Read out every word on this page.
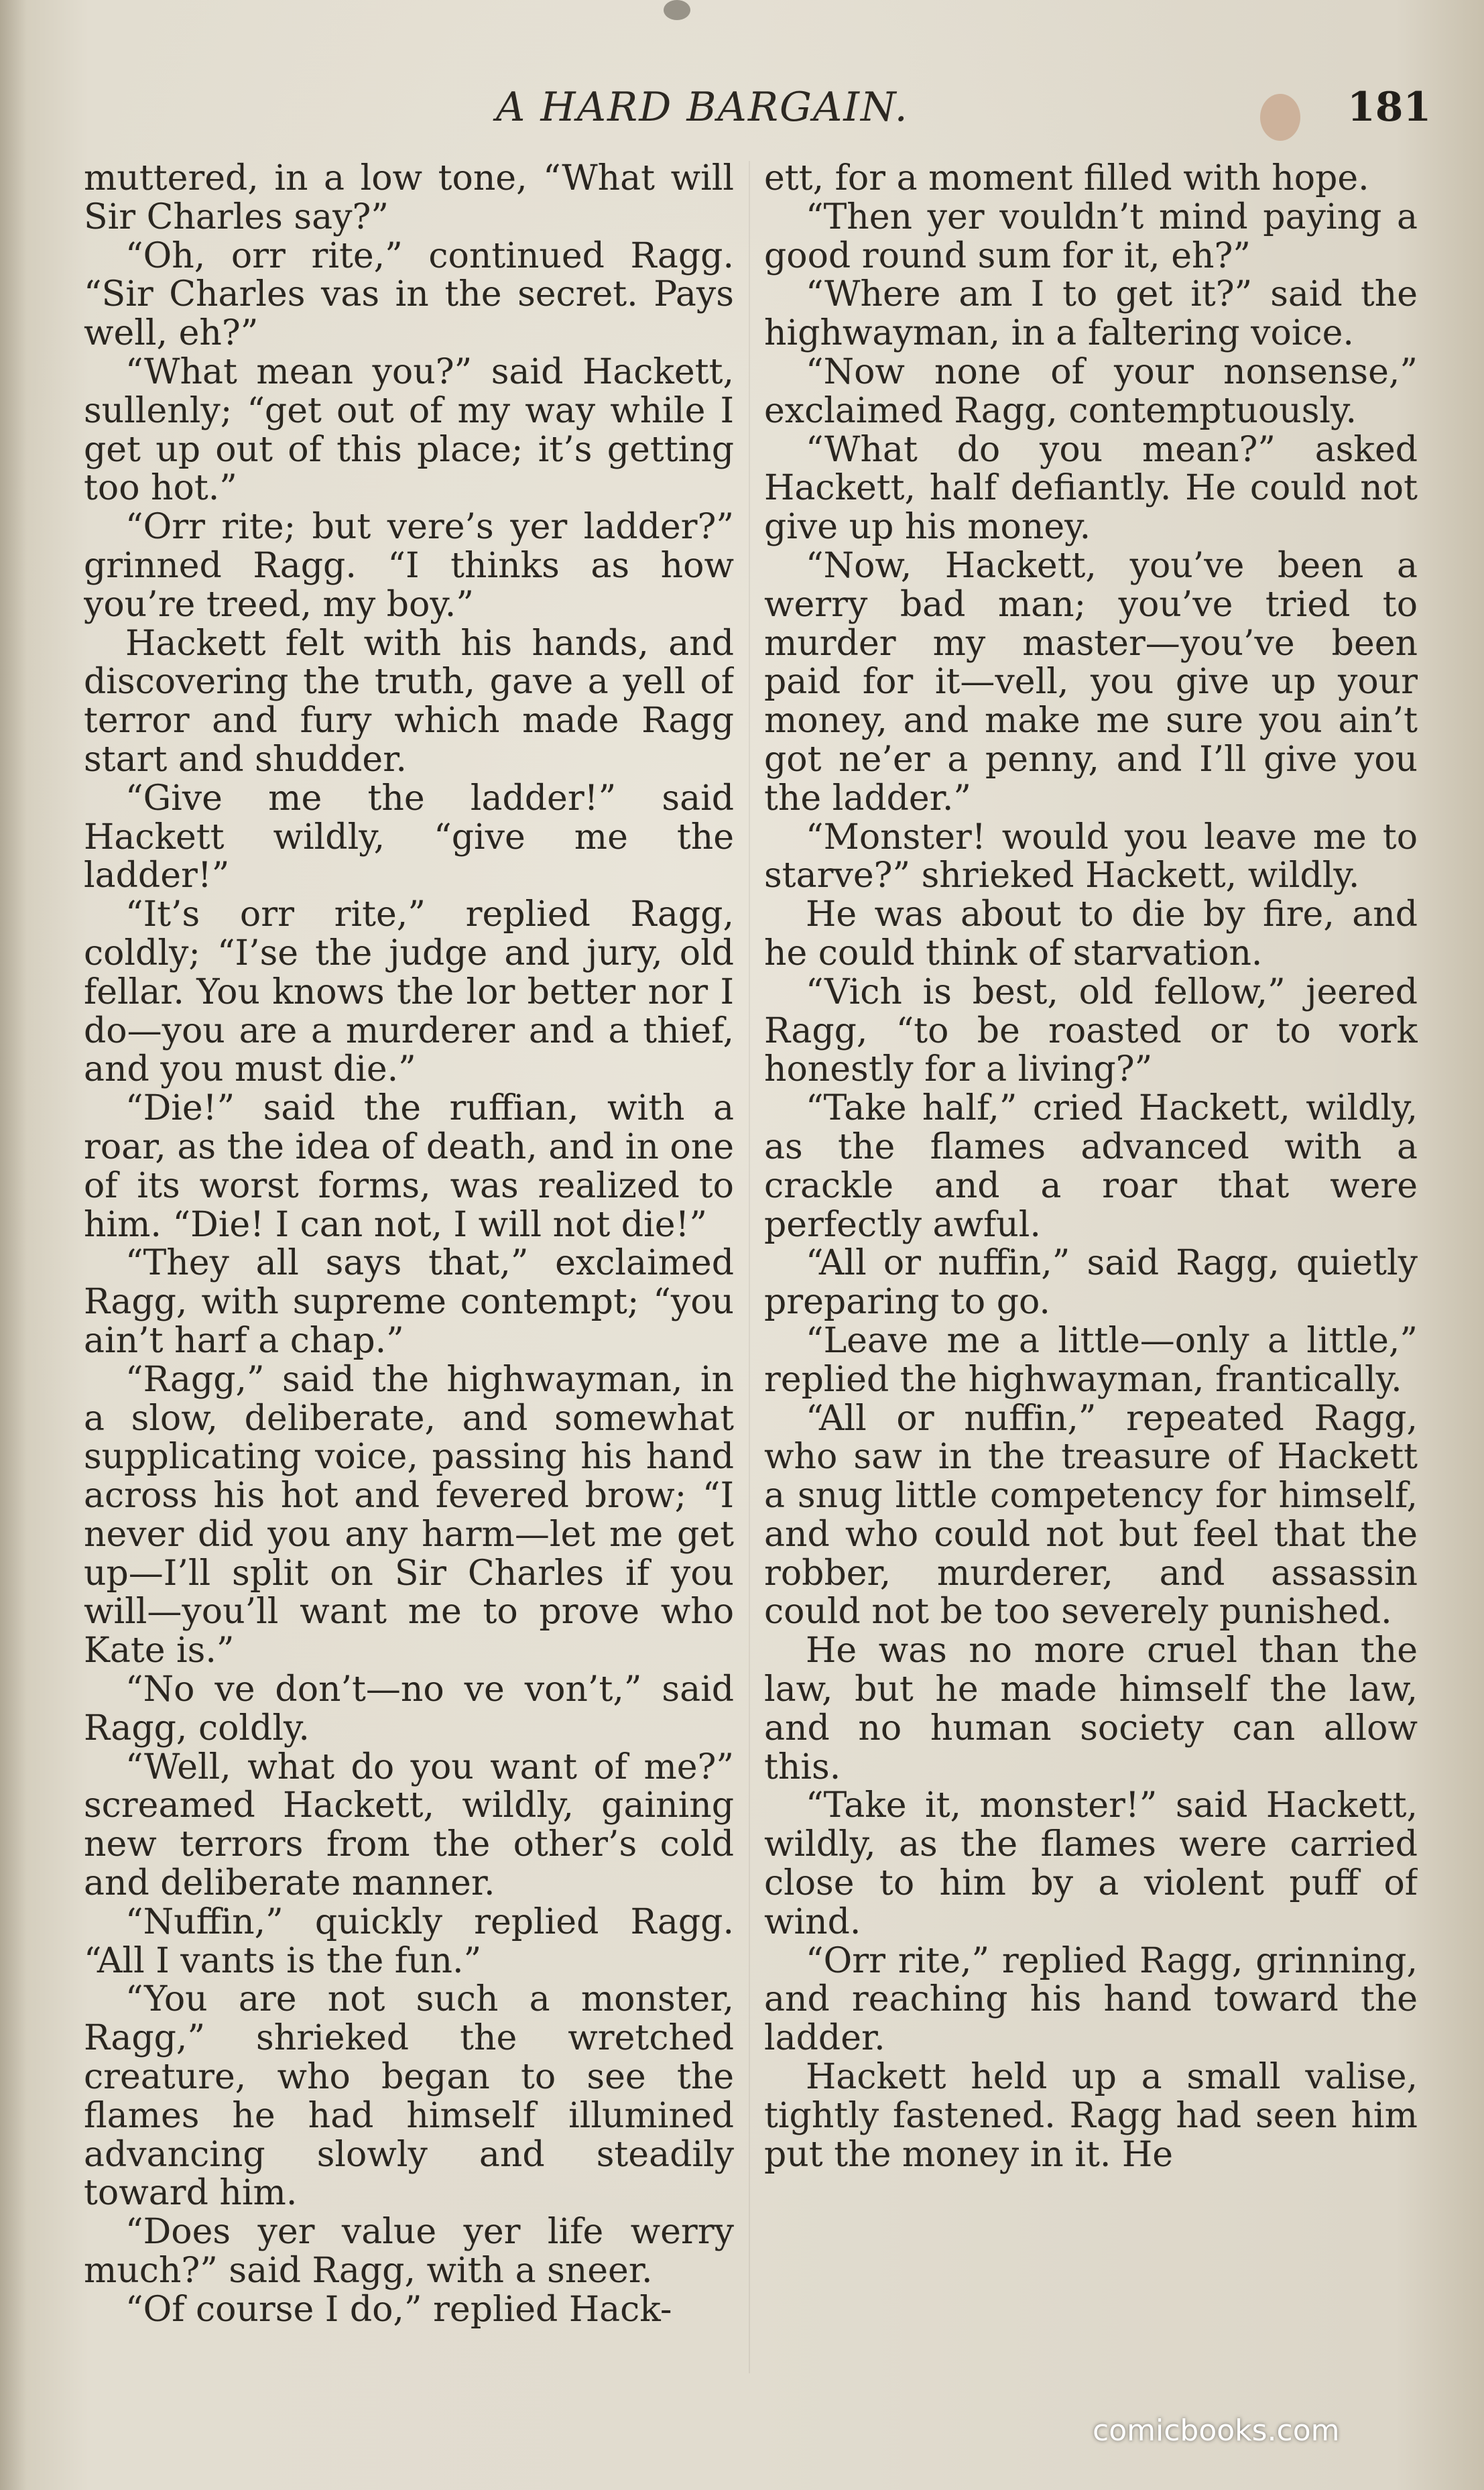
A HARD BARGAIN.	181

muttered, in a low tone, “What will Sir Charles say?”

“Oh, orr rite,” continued Ragg. “Sir Charles vas in the secret. Pays well, eh?”

“What mean you?” said Hackett, sullenly; “get out of my way while I get up out of this place; it’s getting too hot.”

“Orr rite; but vere’s yer ladder?” grinned Ragg. “I thinks as how you’re treed, my boy.”

Hackett felt with his hands, and discovering the truth, gave a yell of terror and fury which made Ragg start and shudder.

“Give me the ladder!” said Hackett wildly, “give me the ladder!”

“It’s orr rite,” replied Ragg, coldly; “I’se the judge and jury, old fellar. You knows the lor better nor I do—you are a murderer and a thief, and you must die.”

“Die!” said the ruffian, with a roar, as the idea of death, and in one of its worst forms, was realized to him. “Die! I can not, I will not die!”

“They all says that,” exclaimed Ragg, with supreme contempt; “you ain’t harf a chap.”

“Ragg,” said the highwayman, in a slow, deliberate, and somewhat supplicating voice, passing his hand across his hot and fevered brow; “I never did you any harm—let me get up—I’ll split on Sir Charles if you will—you’ll want me to prove who Kate is.”

“No ve don’t—no ve von’t,” said Ragg, coldly.

“Well, what do you want of me?” screamed Hackett, wildly, gaining new terrors from the other’s cold and deliberate manner.

“Nuffin,” quickly replied Ragg. “All I vants is the fun.”

“You are not such a monster, Ragg,” shrieked the wretched creature, who began to see the flames he had himself illumined advancing slowly and steadily toward him.

“Does yer value yer life werry much?” said Ragg, with a sneer.

“Of course I do,” replied Hack-

ett, for a moment filled with hope.

“Then yer vouldn’t mind paying a good round sum for it, eh?”

“Where am I to get it?” said the highwayman, in a faltering voice.

“Now none of your nonsense,” exclaimed Ragg, contemptuously.

“What do you mean?” asked Hackett, half defiantly. He could not give up his money.

“Now, Hackett, you’ve been a werry bad man; you’ve tried to murder my master—you’ve been paid for it—vell, you give up your money, and make me sure you ain’t got ne’er a penny, and I’ll give you the ladder.”

“Monster! would you leave me to starve?” shrieked Hackett, wildly.

He was about to die by fire, and he could think of starvation.

“Vich is best, old fellow,” jeered Ragg, “to be roasted or to vork honestly for a living?”

“Take half,” cried Hackett, wildly, as the flames advanced with a crackle and a roar that were perfectly awful.

“All or nuffin,” said Ragg, quietly preparing to go.

“Leave me a little—only a little,” replied the highwayman, frantically.

“All or nuffin,” repeated Ragg, who saw in the treasure of Hackett a snug little competency for himself, and who could not but feel that the robber, murderer, and assassin could not be too severely punished.

He was no more cruel than the law, but he made himself the law, and no human society can allow this.

“Take it, monster!” said Hackett, wildly, as the flames were carried close to him by a violent puff of wind.

“Orr rite,” replied Ragg, grinning, and reaching his hand toward the ladder.

Hackett held up a small valise, tightly fastened. Ragg had seen him put the money in it. He

comicbooks.com
